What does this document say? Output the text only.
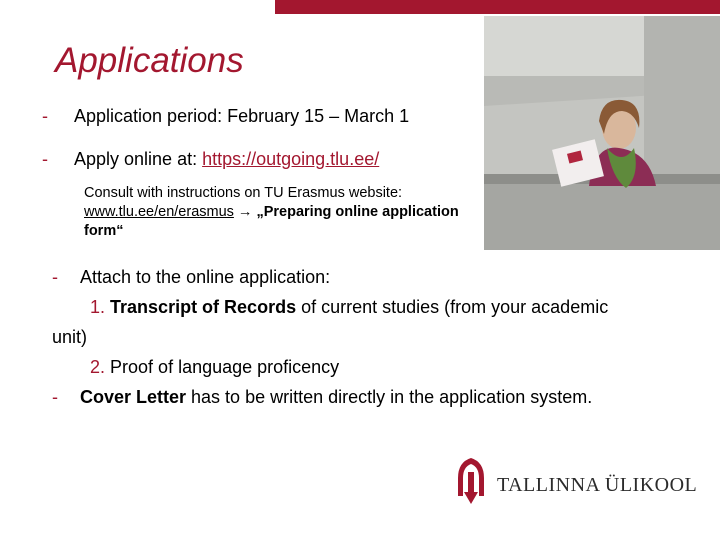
Applications
- Application period: February 15 – March 1
- Apply online at: https://outgoing.tlu.ee/
Consult with instructions on TU Erasmus website:
www.tlu.ee/en/erasmus → „Preparing online application form“
- Attach to the online application:
1. Transcript of Records of current studies (from your academic
unit)
2. Proof of language proficency
- Cover Letter has to be written directly in the application system.
TALLINNA ÜLIKOOL
